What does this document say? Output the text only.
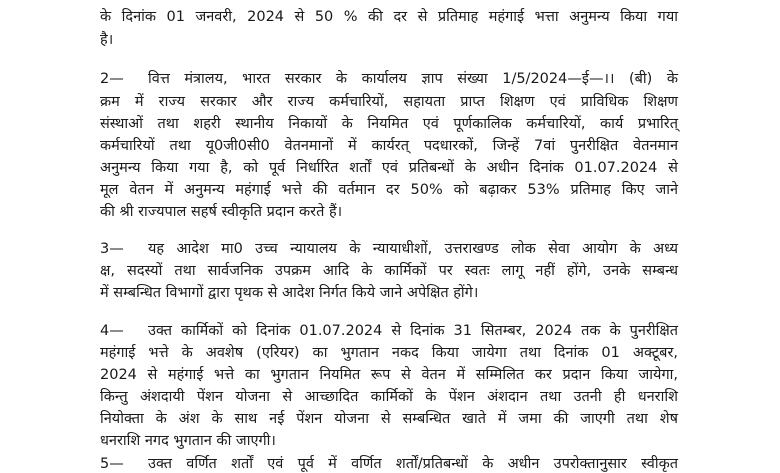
के दिनांक 01 जनवरी, 2024 से 50 % की दर से प्रतिमाह महंगाई भत्ता अनुमन्य किया गया
है।
2— वित्त मंत्रालय, भारत सरकार के कार्यालय ज्ञाप संख्या 1/5/2024—ई—।। (बी) के
क्रम में राज्य सरकार और राज्य कर्मचारियों, सहायता प्राप्त शिक्षण एवं प्राविधिक शिक्षण
संस्थाओं तथा शहरी स्थानीय निकायों के नियमित एवं पूर्णकालिक कर्मचारियों, कार्य प्रभारित्
कर्मचारियों तथा यू0जी0सी0 वेतनमानों में कार्यरत् पदधारकों, जिन्हें 7वां पुनरीक्षित वेतनमान
अनुमन्य किया गया है, को पूर्व निर्धारित शर्तों एवं प्रतिबन्धों के अधीन दिनांक 01.07.2024 से
मूल वेतन में अनुमन्य महंगाई भत्ते की वर्तमान दर 50% को बढ़ाकर 53% प्रतिमाह किए जाने
की श्री राज्यपाल सहर्ष स्वीकृति प्रदान करते हैं।
3— यह आदेश मा0 उच्च न्यायालय के न्यायाधीशों, उत्तराखण्ड लोक सेवा आयोग के अध्य
क्ष, सदस्यों तथा सार्वजनिक उपक्रम आदि के कार्मिकों पर स्वतः लागू नहीं होंगे, उनके सम्बन्ध
में सम्बन्धित विभागों द्वारा पृथक से आदेश निर्गत किये जाने अपेक्षित होंगे।
4— उक्त कार्मिकों को दिनांक 01.07.2024 से दिनांक 31 सितम्बर, 2024 तक के पुनरीक्षित
महंगाई भत्ते के अवशेष (एरियर) का भुगतान नकद किया जायेगा तथा दिनांक 01 अक्टूबर,
2024 से महंगाई भत्ते का भुगतान नियमित रूप से वेतन में सम्मिलित कर प्रदान किया जायेगा,
किन्तु अंशदायी पेंशन योजना से आच्छादित कार्मिकों के पेंशन अंशदान तथा उतनी ही धनराशि
नियोक्ता के अंश के साथ नई पेंशन योजना से सम्बन्धित खाते में जमा की जाएगी तथा शेष
धनराशि नगद भुगतान की जाएगी।
5— उक्त वर्णित शर्तों एवं पूर्व में वर्णित शर्तों/प्रतिबन्धों के अधीन उपरोक्तानुसार स्वीकृत
